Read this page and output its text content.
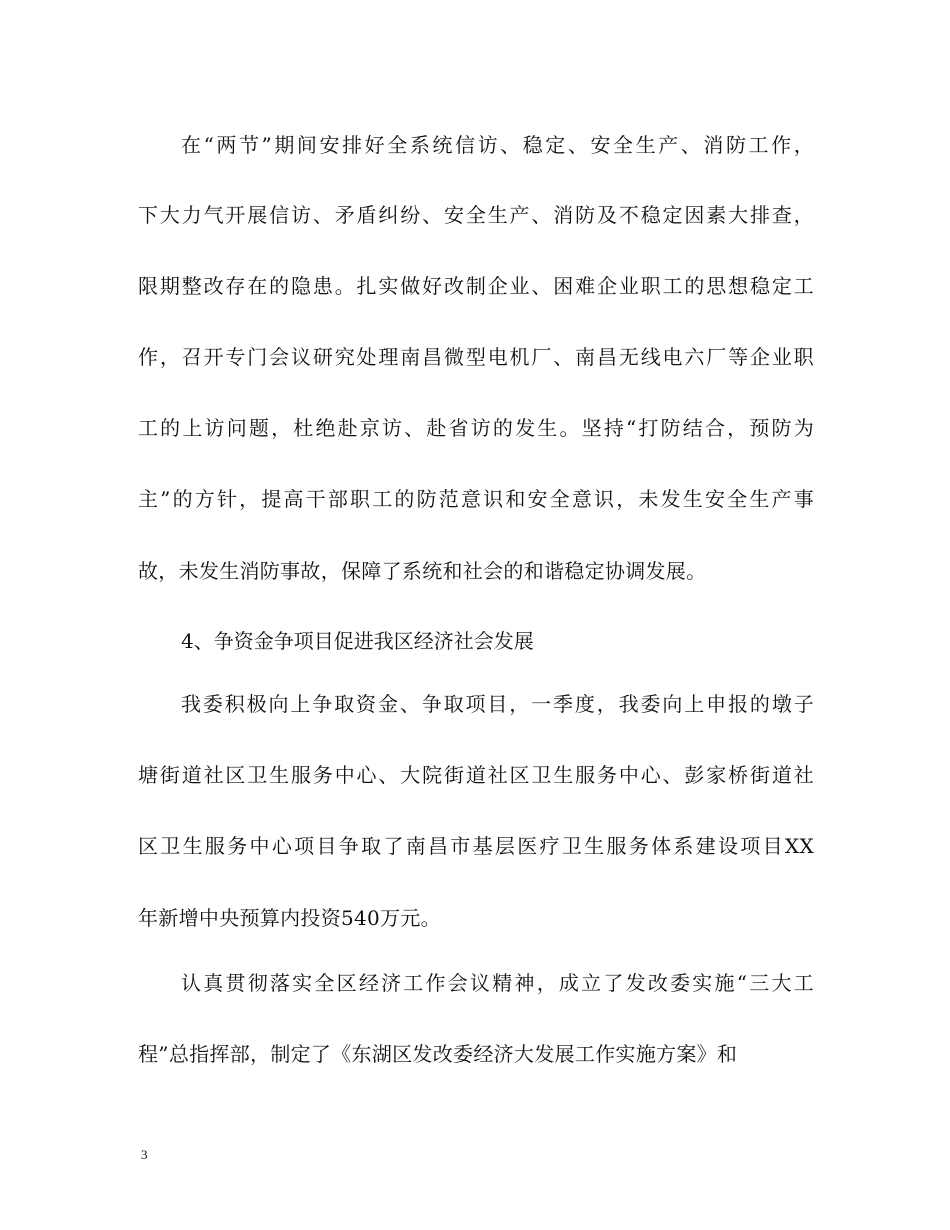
在“两节”期间安排好全系统信访、稳定、安全生产、消防工作，
下大力气开展信访、矛盾纠纷、安全生产、消防及不稳定因素大排查，
限期整改存在的隐患。扎实做好改制企业、困难企业职工的思想稳定工
作，召开专门会议研究处理南昌微型电机厂、南昌无线电六厂等企业职
工的上访问题，杜绝赴京访、赴省访的发生。坚持“打防结合，预防为
主”的方针，提高干部职工的防范意识和安全意识，未发生安全生产事
故，未发生消防事故，保障了系统和社会的和谐稳定协调发展。
4、争资金争项目促进我区经济社会发展
我委积极向上争取资金、争取项目，一季度，我委向上申报的墩子
塘街道社区卫生服务中心、大院街道社区卫生服务中心、彭家桥街道社
区卫生服务中心项目争取了南昌市基层医疗卫生服务体系建设项目XX
年新增中央预算内投资540万元。
认真贯彻落实全区经济工作会议精神，成立了发改委实施“三大工
程”总指挥部，制定了《东湖区发改委经济大发展工作实施方案》和
3
